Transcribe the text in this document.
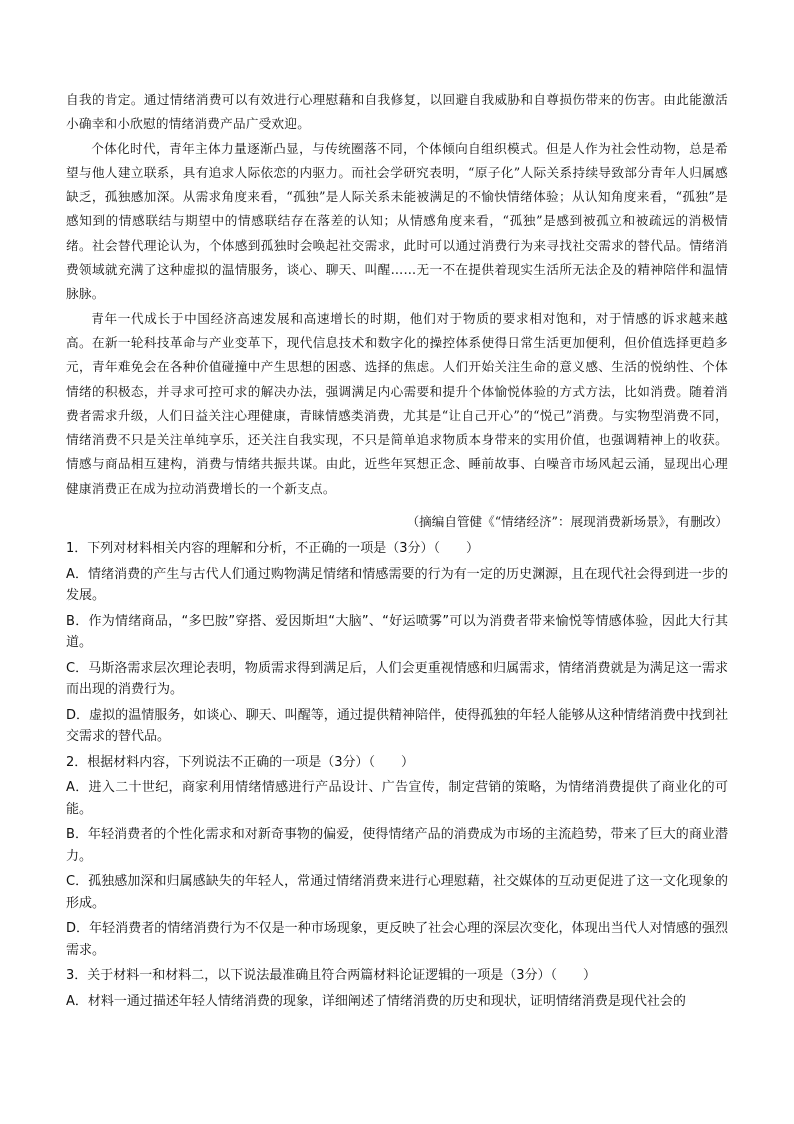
自我的肯定。通过情绪消费可以有效进行心理慰藉和自我修复，以回避自我威胁和自尊损伤带来的伤害。由此能激活小确幸和小欣慰的情绪消费产品广受欢迎。

个体化时代，青年主体力量逐渐凸显，与传统圈落不同，个体倾向自组织模式。但是人作为社会性动物，总是希望与他人建立联系，具有追求人际依恋的内驱力。而社会学研究表明，“原子化”人际关系持续导致部分青年人归属感缺乏，孤独感加深。从需求角度来看，“孤独”是人际关系未能被满足的不愉快情绪体验；从认知角度来看，“孤独”是感知到的情感联结与期望中的情感联结存在落差的认知；从情感角度来看，“孤独”是感到被孤立和被疏远的消极情绪。社会替代理论认为，个体感到孤独时会唤起社交需求，此时可以通过消费行为来寻找社交需求的替代品。情绪消费领域就充满了这种虚拟的温情服务，谈心、聊天、叫醒……无一不在提供着现实生活所无法企及的精神陪伴和温情脉脉。

青年一代成长于中国经济高速发展和高速增长的时期，他们对于物质的要求相对饱和，对于情感的诉求越来越高。在新一轮科技革命与产业变革下，现代信息技术和数字化的操控体系使得日常生活更加便利，但价值选择更趋多元，青年难免会在各种价值碰撞中产生思想的困惑、选择的焦虑。人们开始关注生命的意义感、生活的悦纳性、个体情绪的积极态，并寻求可控可求的解决办法，强调满足内心需要和提升个体愉悦体验的方式方法，比如消费。随着消费者需求升级，人们日益关注心理健康，青睐情感类消费，尤其是“让自己开心”的“悦己”消费。与实物型消费不同，情绪消费不只是关注单纯享乐，还关注自我实现，不只是简单追求物质本身带来的实用价值，也强调精神上的收获。情感与商品相互建构，消费与情绪共振共谋。由此，近些年冥想正念、睡前故事、白噪音市场风起云涌，显现出心理健康消费正在成为拉动消费增长的一个新支点。

（摘编自管健《“情绪经济”：展现消费新场景》，有删改）

1．下列对材料相关内容的理解和分析，不正确的一项是（3分）（　　）

A．情绪消费的产生与古代人们通过购物满足情绪和情感需要的行为有一定的历史渊源，且在现代社会得到进一步的发展。

B．作为情绪商品，“多巴胺”穿搭、爱因斯坦“大脑”、“好运喷雾”可以为消费者带来愉悦等情感体验，因此大行其道。

C．马斯洛需求层次理论表明，物质需求得到满足后，人们会更重视情感和归属需求，情绪消费就是为满足这一需求而出现的消费行为。

D．虚拟的温情服务，如谈心、聊天、叫醒等，通过提供精神陪伴，使得孤独的年轻人能够从这种情绪消费中找到社交需求的替代品。

2．根据材料内容，下列说法不正确的一项是（3分）（　　）

A．进入二十世纪，商家利用情绪情感进行产品设计、广告宣传，制定营销的策略，为情绪消费提供了商业化的可能。

B．年轻消费者的个性化需求和对新奇事物的偏爱，使得情绪产品的消费成为市场的主流趋势，带来了巨大的商业潜力。

C．孤独感加深和归属感缺失的年轻人，常通过情绪消费来进行心理慰藉，社交媒体的互动更促进了这一文化现象的形成。

D．年轻消费者的情绪消费行为不仅是一种市场现象，更反映了社会心理的深层次变化，体现出当代人对情感的强烈需求。

3．关于材料一和材料二，以下说法最准确且符合两篇材料论证逻辑的一项是（3分）（　　）

A．材料一通过描述年轻人情绪消费的现象，详细阐述了情绪消费的历史和现状，证明情绪消费是现代社会的
